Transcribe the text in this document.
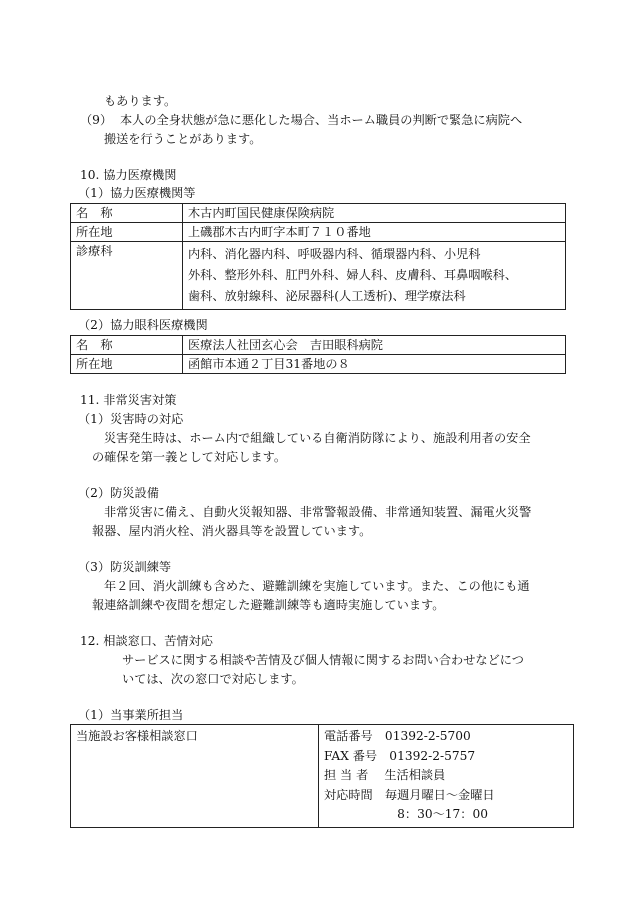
もあります。
（9） 本人の全身状態が急に悪化した場合、当ホーム職員の判断で緊急に病院へ
搬送を行うことがあります。
10. 協力医療機関
（1）協力医療機関等
名　称	木古内町国民健康保険病院
所在地	上磯郡木古内町字本町７１０番地
診療科	内科、消化器内科、呼吸器内科、循環器内科、小児科
外科、整形外科、肛門外科、婦人科、皮膚科、耳鼻咽喉科、
歯科、放射線科、泌尿器科(人工透析)、理学療法科
（2）協力眼科医療機関
名　称	医療法人社団玄心会　吉田眼科病院
所在地	函館市本通２丁目31番地の８
11. 非常災害対策
（1）災害時の対応
災害発生時は、ホーム内で組織している自衛消防隊により、施設利用者の安全
の確保を第一義として対応します。
（2）防災設備
非常災害に備え、自動火災報知器、非常警報設備、非常通知装置、漏電火災警
報器、屋内消火栓、消火器具等を設置しています。
（3）防災訓練等
年２回、消火訓練も含めた、避難訓練を実施しています。また、この他にも通
報連絡訓練や夜間を想定した避難訓練等も適時実施しています。
12. 相談窓口、苦情対応
サービスに関する相談や苦情及び個人情報に関するお問い合わせなどにつ
いては、次の窓口で対応します。
（1）当事業所担当
当施設お客様相談窓口	電話番号　01392-2-5700
FAX 番号　01392-2-5757
担 当 者　 生活相談員
対応時間　毎週月曜日～金曜日
　　　　　　8：30～17：00
